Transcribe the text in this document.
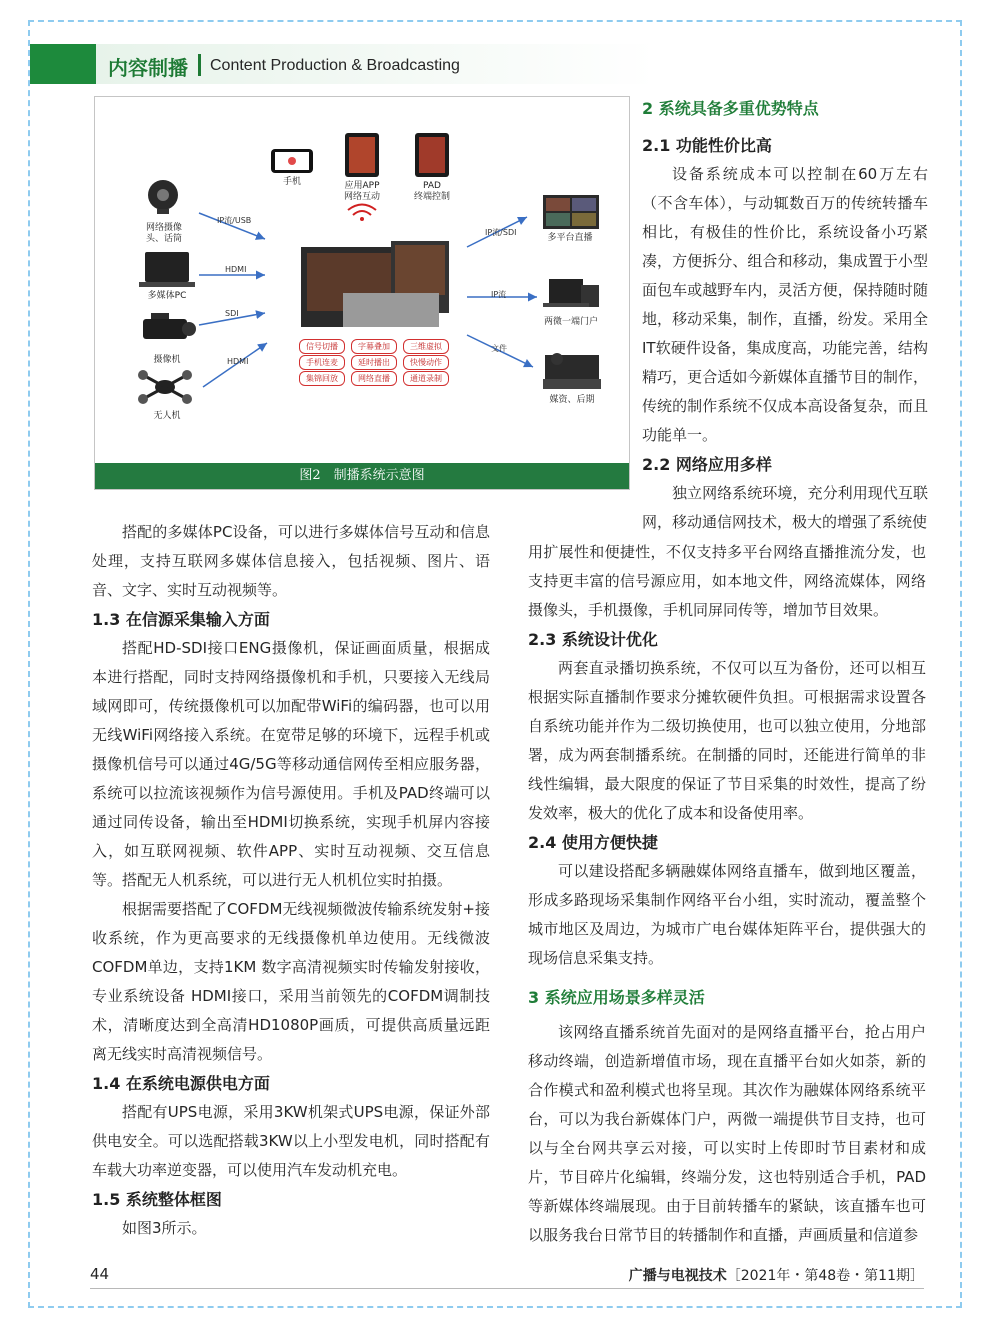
内容制播 Content Production & Broadcasting
网络摄像
头、话筒
多媒体PC
摄像机
无人机
IP流/USB
HDMI
SDI
HDMI
手机	应用APP
网络互动
PAD
终端控制
IP流/SDI
IP流
文件
多平台直播
两微一端门户
媒资、后期
信号切播	字幕叠加	三维虚拟
手机连麦	延时播出	快慢动作
集锦回放	网络直播	通道录制
图2　制播系统示意图

2 系统具备多重优势特点

2.1 功能性价比高

设备系统成本可以控制在60万左右（不含车体），与动辄数百万的传统转播车相比，有极佳的性价比，系统设备小巧紧凑，方便拆分、组合和移动，集成置于小型面包车或越野车内，灵活方便，保持随时随地，移动采集，制作，直播，纷发。采用全IT软硬件设备，集成度高，功能完善，结构精巧，更合适如今新媒体直播节目的制作，传统的制作系统不仅成本高设备复杂，而且功能单一。

2.2 网络应用多样

独立网络系统环境，充分利用现代互联网，移动通信网技术，极大的增强了系统使

搭配的多媒体PC设备，可以进行多媒体信号互动和信息处理，支持互联网多媒体信息接入，包括视频、图片、语音、文字、实时互动视频等。

1.3 在信源采集输入方面

搭配HD-SDI接口ENG摄像机，保证画面质量，根据成本进行搭配，同时支持网络摄像机和手机，只要接入无线局域网即可，传统摄像机可以加配带WiFi的编码器，也可以用无线WiFi网络接入系统。在宽带足够的环境下，远程手机或摄像机信号可以通过4G/5G等移动通信网传至相应服务器，系统可以拉流该视频作为信号源使用。手机及PAD终端可以通过同传设备，输出至HDMI切换系统，实现手机屏内容接入，如互联网视频、软件APP、实时互动视频、交互信息等。搭配无人机系统，可以进行无人机机位实时拍摄。

根据需要搭配了COFDM无线视频微波传输系统发射+接收系统，作为更高要求的无线摄像机单边使用。无线微波COFDM单边，支持1KM 数字高清视频实时传输发射接收，专业系统设备 HDMI接口，采用当前领先的COFDM调制技术，清晰度达到全高清HD1080P画质，可提供高质量远距离无线实时高清视频信号。

1.4 在系统电源供电方面

搭配有UPS电源，采用3KW机架式UPS电源，保证外部供电安全。可以选配搭载3KW以上小型发电机，同时搭配有车载大功率逆变器，可以使用汽车发动机充电。

1.5 系统整体框图

如图3所示。

用扩展性和便捷性，不仅支持多平台网络直播推流分发，也支持更丰富的信号源应用，如本地文件，网络流媒体，网络摄像头，手机摄像，手机同屏同传等，增加节目效果。

2.3 系统设计优化

两套直录播切换系统，不仅可以互为备份，还可以相互根据实际直播制作要求分摊软硬件负担。可根据需求设置各自系统功能并作为二级切换使用，也可以独立使用，分地部署，成为两套制播系统。在制播的同时，还能进行简单的非线性编辑，最大限度的保证了节目采集的时效性，提高了纷发效率，极大的优化了成本和设备使用率。

2.4 使用方便快捷

可以建设搭配多辆融媒体网络直播车，做到地区覆盖，形成多路现场采集制作网络平台小组，实时流动，覆盖整个城市地区及周边，为城市广电台媒体矩阵平台，提供强大的现场信息采集支持。

3 系统应用场景多样灵活

该网络直播系统首先面对的是网络直播平台，抢占用户移动终端，创造新增值市场，现在直播平台如火如荼，新的合作模式和盈利模式也将呈现。其次作为融媒体网络系统平台，可以为我台新媒体门户，两微一端提供节目支持，也可以与全台网共享云对接，可以实时上传即时节目素材和成片，节目碎片化编辑，终端分发，这也特别适合手机，PAD等新媒体终端展现。由于目前转播车的紧缺，该直播车也可以服务我台日常节目的转播制作和直播，声画质量和信道参

44	广播与电视技术［2021年・第48卷・第11期］
